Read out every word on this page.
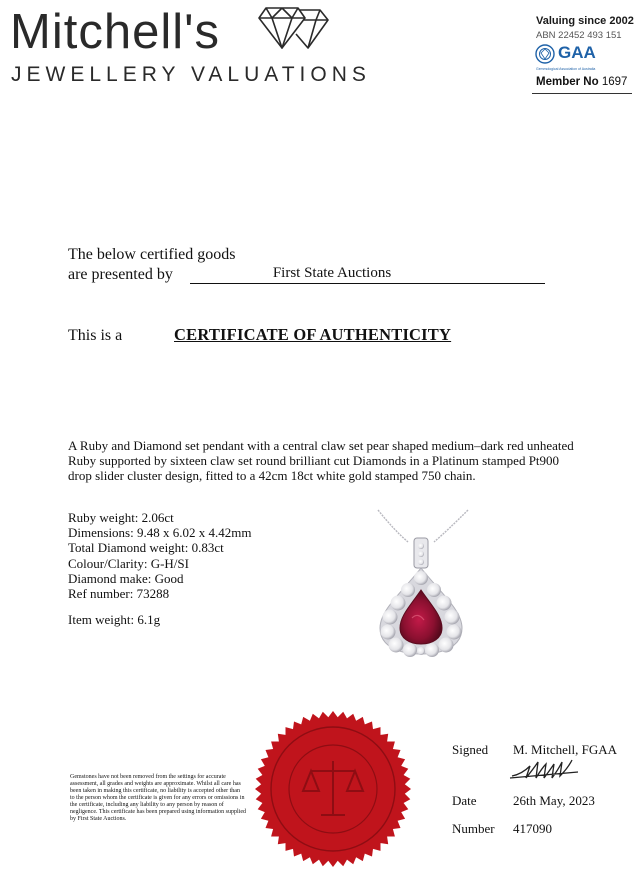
Mitchell's
JEWELLERY VALUATIONS
Valuing since 2002
ABN 22452 493 151
GAA
Gemmological Association of Australia
Member No 1697
The below certified goods
are presented by	First State Auctions
This is a	CERTIFICATE OF AUTHENTICITY
A Ruby and Diamond set pendant with a central claw set pear shaped medium–dark red unheated Ruby supported by sixteen claw set round brilliant cut Diamonds in a Platinum stamped Pt900 drop slider cluster design, fitted to a 42cm 18ct white gold stamped 750 chain.
Ruby weight: 2.06ct
Dimensions: 9.48 x 6.02 x 4.42mm
Total Diamond weight: 0.83ct
Colour/Clarity: G-H/SI
Diamond make: Good
Ref number: 73288
Item weight: 6.1g
Gemstones have not been removed from the settings for accurate assessment, all grades and weights are approximate. Whilst all care has been taken in making this certificate, no liability is accepted other than to the person whom the certificate is given for any errors or omissions in the certificate, including any liability to any person by reason of negligence. This certificate has been prepared using information supplied by First State Auctions.
Signed M. Mitchell, FGAA
Date	26th May, 2023
Number 417090
